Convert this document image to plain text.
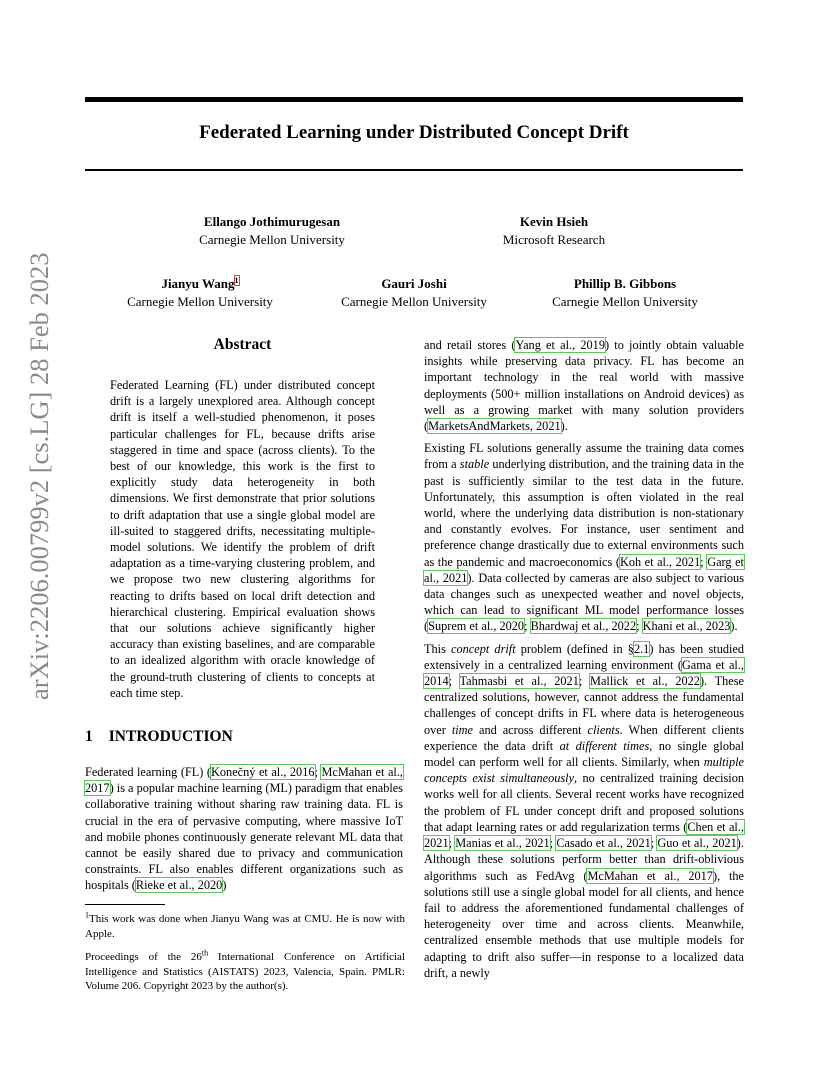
Federated Learning under Distributed Concept Drift
Ellango Jothimurugesan
Carnegie Mellon University
Kevin Hsieh
Microsoft Research
Jianyu Wang$^1$
Carnegie Mellon University
Gauri Joshi
Carnegie Mellon University
Phillip B. Gibbons
Carnegie Mellon University
arXiv:2206.00799v2 [cs.LG] 28 Feb 2023	Abstract

Federated Learning (FL) under distributed concept drift is a largely unexplored area. Although concept drift is itself a well-studied phenomenon, it poses particular challenges for FL, because drifts arise staggered in time and space (across clients). To the best of our knowledge, this work is the first to explicitly study data heterogeneity in both dimensions. We first demonstrate that prior solutions to drift adaptation that use a single global model are ill-suited to staggered drifts, necessitating multiple-model solutions. We identify the problem of drift adaptation as a time-varying clustering problem, and we propose two new clustering algorithms for reacting to drifts based on local drift detection and hierarchical clustering. Empirical evaluation shows that our solutions achieve significantly higher accuracy than existing baselines, and are comparable to an idealized algorithm with oracle knowledge of the ground-truth clustering of clients to concepts at each time step.

1 INTRODUCTION

Federated learning (FL) (Konečný et al., 2016; McMahan et al., 2017) is a popular machine learning (ML) paradigm that enables collaborative training without sharing raw training data. FL is crucial in the era of pervasive computing, where massive IoT and mobile phones continuously generate relevant ML data that cannot be easily shared due to privacy and communication constraints. FL also enables different organizations such as hospitals (Rieke et al., 2020)

$^1$This work was done when Jianyu Wang was at CMU. He is now with Apple.
Proceedings of the 26th International Conference on Artificial Intelligence and Statistics (AISTATS) 2023, Valencia, Spain. PMLR: Volume 206. Copyright 2023 by the author(s).

and retail stores (Yang et al., 2019) to jointly obtain valuable insights while preserving data privacy. FL has become an important technology in the real world with massive deployments (500+ million installations on Android devices) as well as a growing market with many solution providers (MarketsAndMarkets, 2021).

Existing FL solutions generally assume the training data comes from a stable underlying distribution, and the training data in the past is sufficiently similar to the test data in the future. Unfortunately, this assumption is often violated in the real world, where the underlying data distribution is non-stationary and constantly evolves. For instance, user sentiment and preference change drastically due to external environments such as the pandemic and macroeconomics (Koh et al., 2021; Garg et al., 2021). Data collected by cameras are also subject to various data changes such as unexpected weather and novel objects, which can lead to significant ML model performance losses (Suprem et al., 2020; Bhardwaj et al., 2022; Khani et al., 2023).

This concept drift problem (defined in §2.1) has been studied extensively in a centralized learning environment (Gama et al., 2014; Tahmasbi et al., 2021; Mallick et al., 2022). These centralized solutions, however, cannot address the fundamental challenges of concept drifts in FL where data is heterogeneous over time and across different clients. When different clients experience the data drift at different times, no single global model can perform well for all clients. Similarly, when multiple concepts exist simultaneously, no centralized training decision works well for all clients. Several recent works have recognized the problem of FL under concept drift and proposed solutions that adapt learning rates or add regularization terms (Chen et al., 2021; Manias et al., 2021; Casado et al., 2021; Guo et al., 2021). Although these solutions perform better than drift-oblivious algorithms such as FedAvg (McMahan et al., 2017), the solutions still use a single global model for all clients, and hence fail to address the aforementioned fundamental challenges of heterogeneity over time and across clients. Meanwhile, centralized ensemble methods that use multiple models for adapting to drift also suffer—in response to a localized data drift, a newly
